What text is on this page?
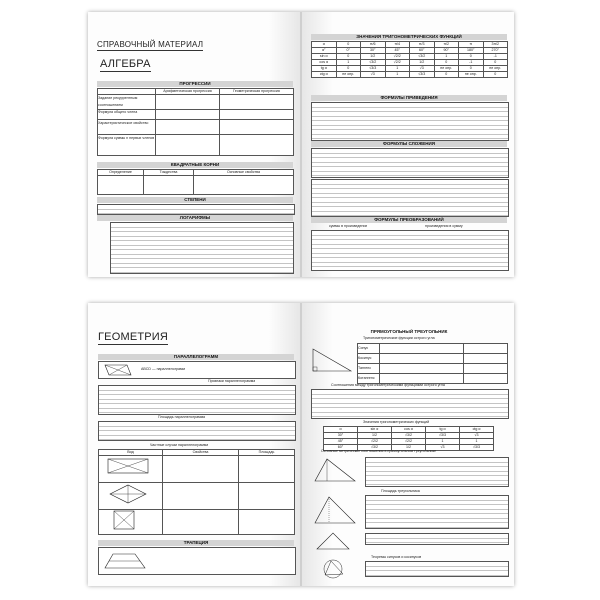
СПРАВОЧНЫЙ МАТЕРИАЛ
АЛГЕБРА
ПРОГРЕССИИ
Арифметическая прогрессия	Геометрическая прогрессия
Задание рекуррентным соотношением
Формула общего члена
Характеристическое свойство
Формула суммы n первых членов
КВАДРАТНЫЕ КОРНИ
Определение	Тождества	Основные свойства
СТЕПЕНИ
ЛОГАРИФМЫ
ЗНАЧЕНИЯ ТРИГОНОМЕТРИЧЕСКИХ ФУНКЦИЙ
α	0	π/6	π/4	π/3	π/2	π	3π/2
α°	0°	30°	45°	60°	90°	180°	270°
sin α	0	1/2	√2/2	√3/2	1	0	-1
cos α	1	√3/2	√2/2	1/2	0	-1	0
tg α	0	√3/3	1	√3	не опр.	0	не опр.
ctg α	не опр.	√3	1	√3/3	0	не опр.	0
ФОРМУЛЫ ПРИВЕДЕНИЯ
ФОРМУЛЫ СЛОЖЕНИЯ
ФОРМУЛЫ ПРЕОБРАЗОВАНИЙ
суммы в произведение	произведения в сумму
ГЕОМЕТРИЯ
ПАРАЛЛЕЛОГРАММ
ABCD — параллелограмм
Признаки параллелограмма
Площадь параллелограмма
Частные случаи параллелограмма
Вид	Свойства	Площадь
ТРАПЕЦИЯ
ПРЯМОУГОЛЬНЫЙ ТРЕУГОЛЬНИК
Тригонометрические функции острого угла
Синус
Косинус
Тангенс
Котангенс
Соотношения между тригонометрическими функциями острого угла
Значения тригонометрических функций
α	sin α	cos α	tg α	ctg α
30°	1/2	√3/2	√3/3	√3
45°	√2/2	√2/2	1	1
60°	√3/2	1/2	√3	√3/3
Основные метрические соотношения в прямоугольном треугольнике
Площадь треугольника
Теоремы синусов и косинусов
